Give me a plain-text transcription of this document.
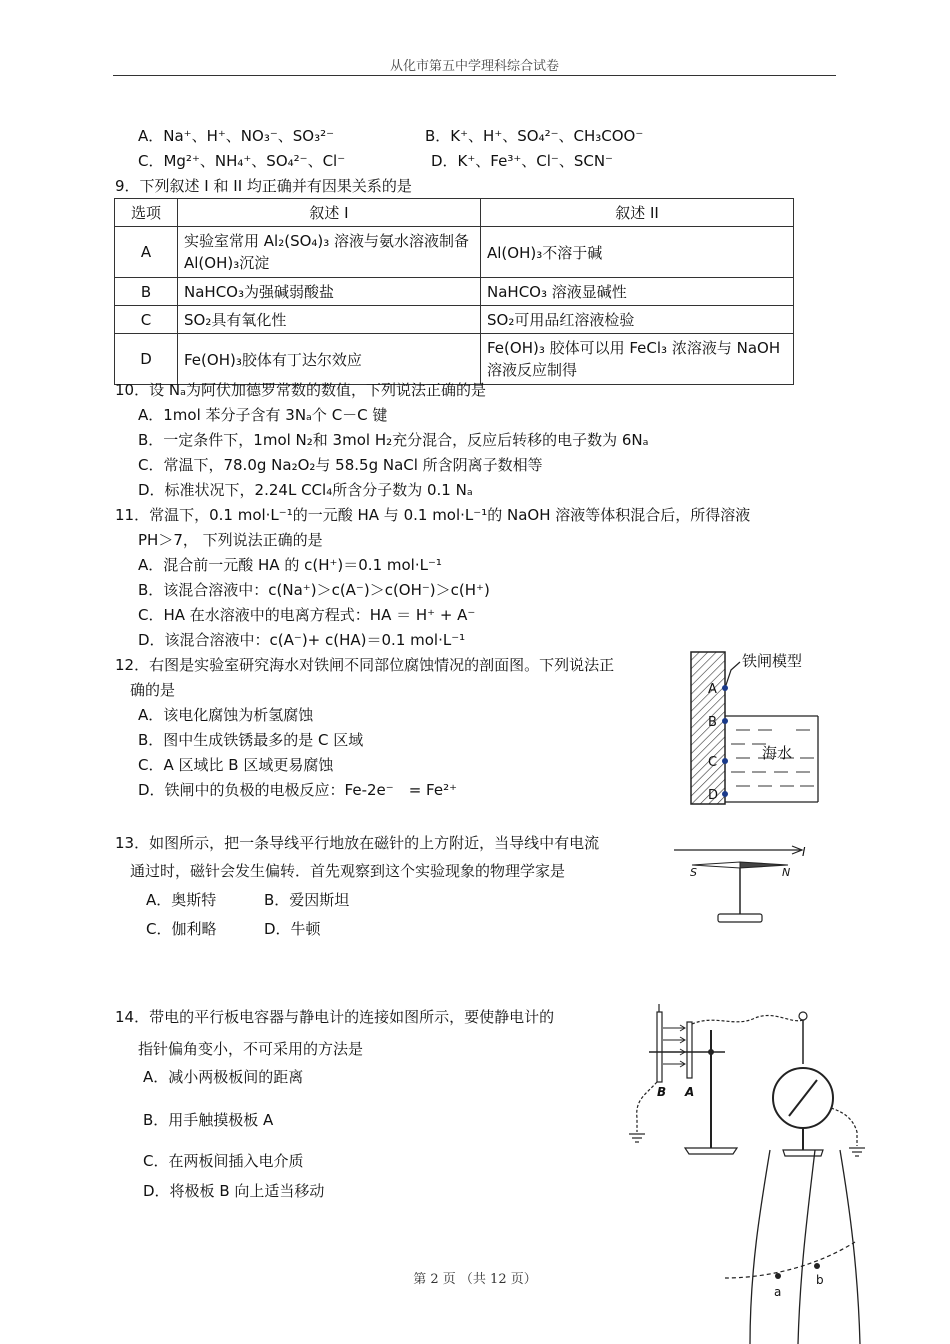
从化市第五中学理科综合试卷
A．Na⁺、H⁺、NO₃⁻、SO₃²⁻	B．K⁺、H⁺、SO₄²⁻、CH₃COO⁻
C．Mg²⁺、NH₄⁺、SO₄²⁻、Cl⁻	D．K⁺、Fe³⁺、Cl⁻、SCN⁻
9．下列叙述 I 和 II 均正确并有因果关系的是
选项	叙述 I	叙述 II
A	实验室常用 Al₂(SO₄)₃ 溶液与氨水溶液制备 Al(OH)₃沉淀	Al(OH)₃不溶于碱
B	NaHCO₃为强碱弱酸盐	NaHCO₃ 溶液显碱性
C	SO₂具有氧化性	SO₂可用品红溶液检验
D	Fe(OH)₃胶体有丁达尔效应	Fe(OH)₃ 胶体可以用 FeCl₃ 浓溶液与 NaOH 溶液反应制得
10．设 Nₐ为阿伏加德罗常数的数值，下列说法正确的是
A．1mol 苯分子含有 3Nₐ个 C－C 键
B．一定条件下，1mol N₂和 3mol H₂充分混合，反应后转移的电子数为 6Nₐ
C．常温下，78.0g Na₂O₂与 58.5g NaCl 所含阴离子数相等
D．标准状况下，2.24L CCl₄所含分子数为 0.1 Nₐ
11．常温下，0.1 mol·L⁻¹的一元酸 HA 与 0.1 mol·L⁻¹的 NaOH 溶液等体积混合后，所得溶液
PH＞7， 下列说法正确的是
A．混合前一元酸 HA 的 c(H⁺)＝0.1 mol·L⁻¹
B．该混合溶液中：c(Na⁺)＞c(A⁻)＞c(OH⁻)＞c(H⁺)
C．HA 在水溶液中的电离方程式：HA ＝ H⁺ + A⁻
D．该混合溶液中：c(A⁻)+ c(HA)＝0.1 mol·L⁻¹
12．右图是实验室研究海水对铁闸不同部位腐蚀情况的剖面图。下列说法正
确的是
A．该电化腐蚀为析氢腐蚀
B．图中生成铁锈最多的是 C 区域
C．A 区域比 B 区域更易腐蚀
D．铁闸中的负极的电极反应：Fe-2e⁻　= Fe²⁺
铁闸模型
海水
A
B
C
D
13．如图所示，把一条导线平行地放在磁针的上方附近，当导线中有电流
通过时，磁针会发生偏转．首先观察到这个实验现象的物理学家是
A．奥斯特	B．爱因斯坦
C．伽利略	D．牛顿
I
S	N
14．带电的平行板电容器与静电计的连接如图所示，要使静电计的
指针偏角变小，不可采用的方法是
A．减小两极板间的距离
B．用手触摸极板 A
C．在两板间插入电介质
D．将极板 B 向上适当移动
B A
a
b
第 2 页 （共 12 页）
